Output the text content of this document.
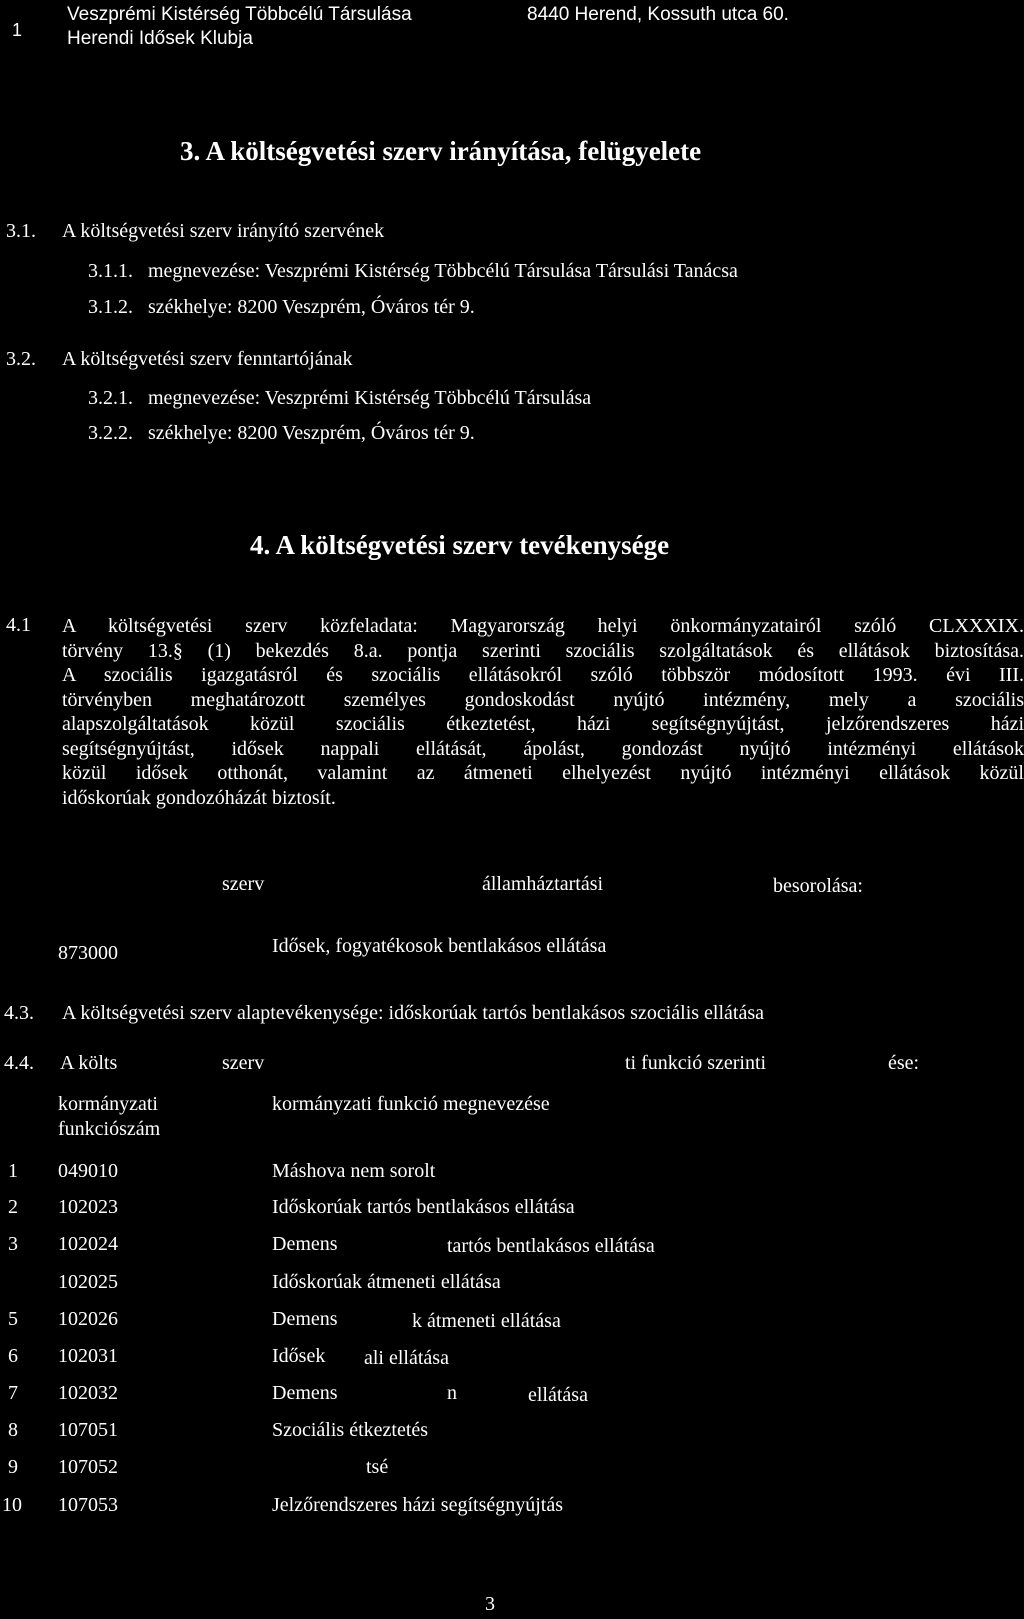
1
Veszprémi Kistérség Többcélú Társulása
Herendi Idősek Klubja
8440 Herend, Kossuth utca 60.
3. A költségvetési szerv irányítása, felügyelete
3.1. A költségvetési szerv irányító szervének
3.1.1. megnevezése: Veszprémi Kistérség Többcélú Társulása Társulási Tanácsa
3.1.2. székhelye: 8200 Veszprém, Óváros tér 9.
3.2. A költségvetési szerv fenntartójának
3.2.1. megnevezése: Veszprémi Kistérség Többcélú Társulása
3.2.2. székhelye: 8200 Veszprém, Óváros tér 9.
4. A költségvetési szerv tevékenysége
4.1 A költségvetési szerv közfeladata: Magyarország helyi önkormányzatairól szóló CLXXXIX.
törvény 13.§ (1) bekezdés 8.a. pontja szerinti szociális szolgáltatások és ellátások biztosítása.
A szociális igazgatásról és szociális ellátásokról szóló többször módosított 1993. évi III.
törvényben meghatározott személyes gondoskodást nyújtó intézmény, mely a szociális
alapszolgáltatások közül szociális étkeztetést, házi segítségnyújtást, jelzőrendszeres házi
segítségnyújtást, idősek nappali ellátását, ápolást, gondozást nyújtó intézményi ellátások
közül idősek otthonát, valamint az átmeneti elhelyezést nyújtó intézményi ellátások közül
időskorúak gondozóházát biztosít.
szerv	államháztartási	besorolása:
873000	Idősek, fogyatékosok bentlakásos ellátása
4.3. A költségvetési szerv alaptevékenysége: időskorúak tartós bentlakásos szociális ellátása
4.4. A költs	szerv	ti funkció szerinti	ése:
kormányzati
funkciószám
kormányzati funkció megnevezése
1 049010	Máshova nem sorolt
2 102023	Időskorúak tartós bentlakásos ellátása
3 102024	Demens	tartós bentlakásos ellátása
102025	Időskorúak átmeneti ellátása
5 102026	Demens	k átmeneti ellátása
6 102031	Idősek ali ellátása
7 102032	Demens	n	ellátása
8 107051	Szociális étkeztetés
9 107052	tsé
10 107053	Jelzőrendszeres házi segítségnyújtás
3
